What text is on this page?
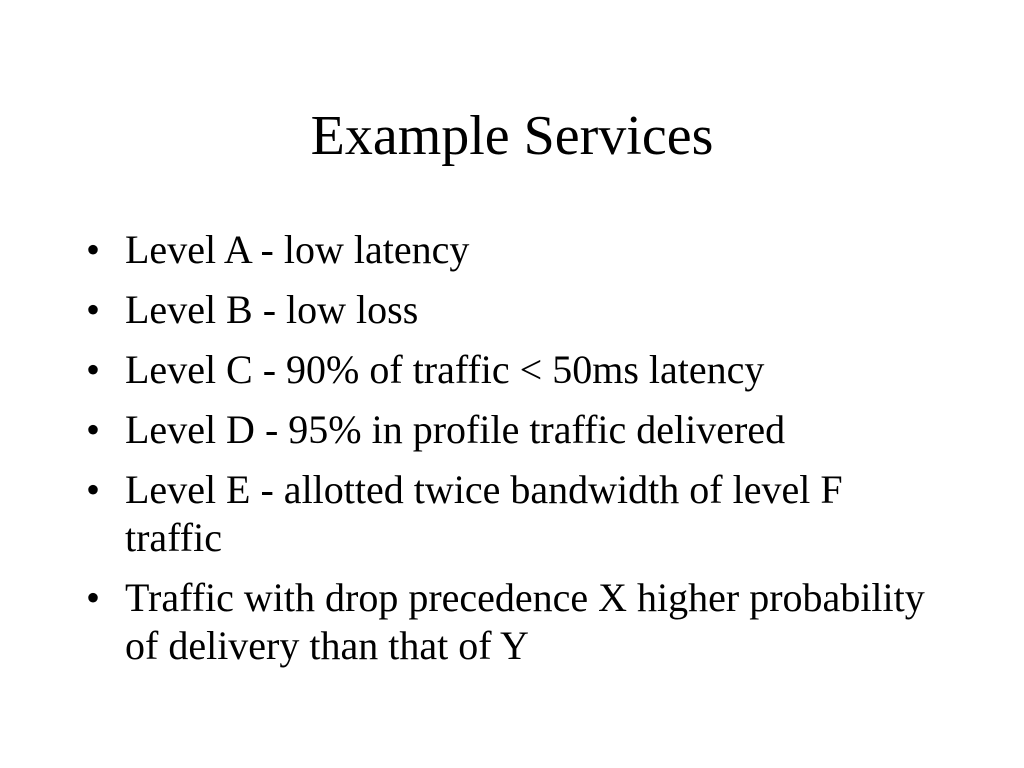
Example Services
• Level A - low latency
• Level B - low loss
• Level C - 90% of traffic < 50ms latency
• Level D - 95% in profile traffic delivered
• Level E - allotted twice bandwidth of level F traffic
• Traffic with drop precedence X higher probability of delivery than that of Y
